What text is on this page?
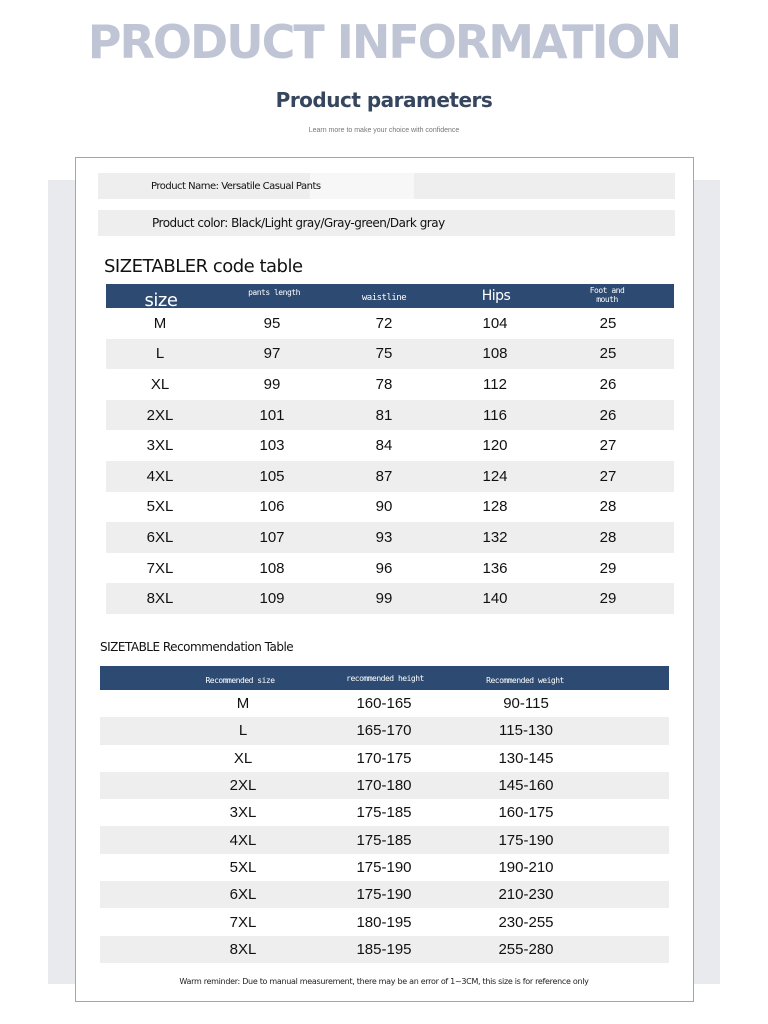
PRODUCT INFORMATION
Product parameters
Learn more to make your choice with confidence
Product Name: Versatile Casual Pants
Product color: Black/Light gray/Gray-green/Dark gray
SIZETABLER code table
size	pants length	waistline	Hips	Foot and mouth
M	95	72	104	25
L	97	75	108	25
XL	99	78	112	26
2XL	101	81	116	26
3XL	103	84	120	27
4XL	105	87	124	27
5XL	106	90	128	28
6XL	107	93	132	28
7XL	108	96	136	29
8XL	109	99	140	29
SIZETABLE Recommendation Table
Recommended size	recommended height	Recommended weight
M	160-165	90-115
L	165-170	115-130
XL	170-175	130-145
2XL	170-180	145-160
3XL	175-185	160-175
4XL	175-185	175-190
5XL	175-190	190-210
6XL	175-190	210-230
7XL	180-195	230-255
8XL	185-195	255-280
Warm reminder: Due to manual measurement, there may be an error of 1~3CM, this size is for reference only
